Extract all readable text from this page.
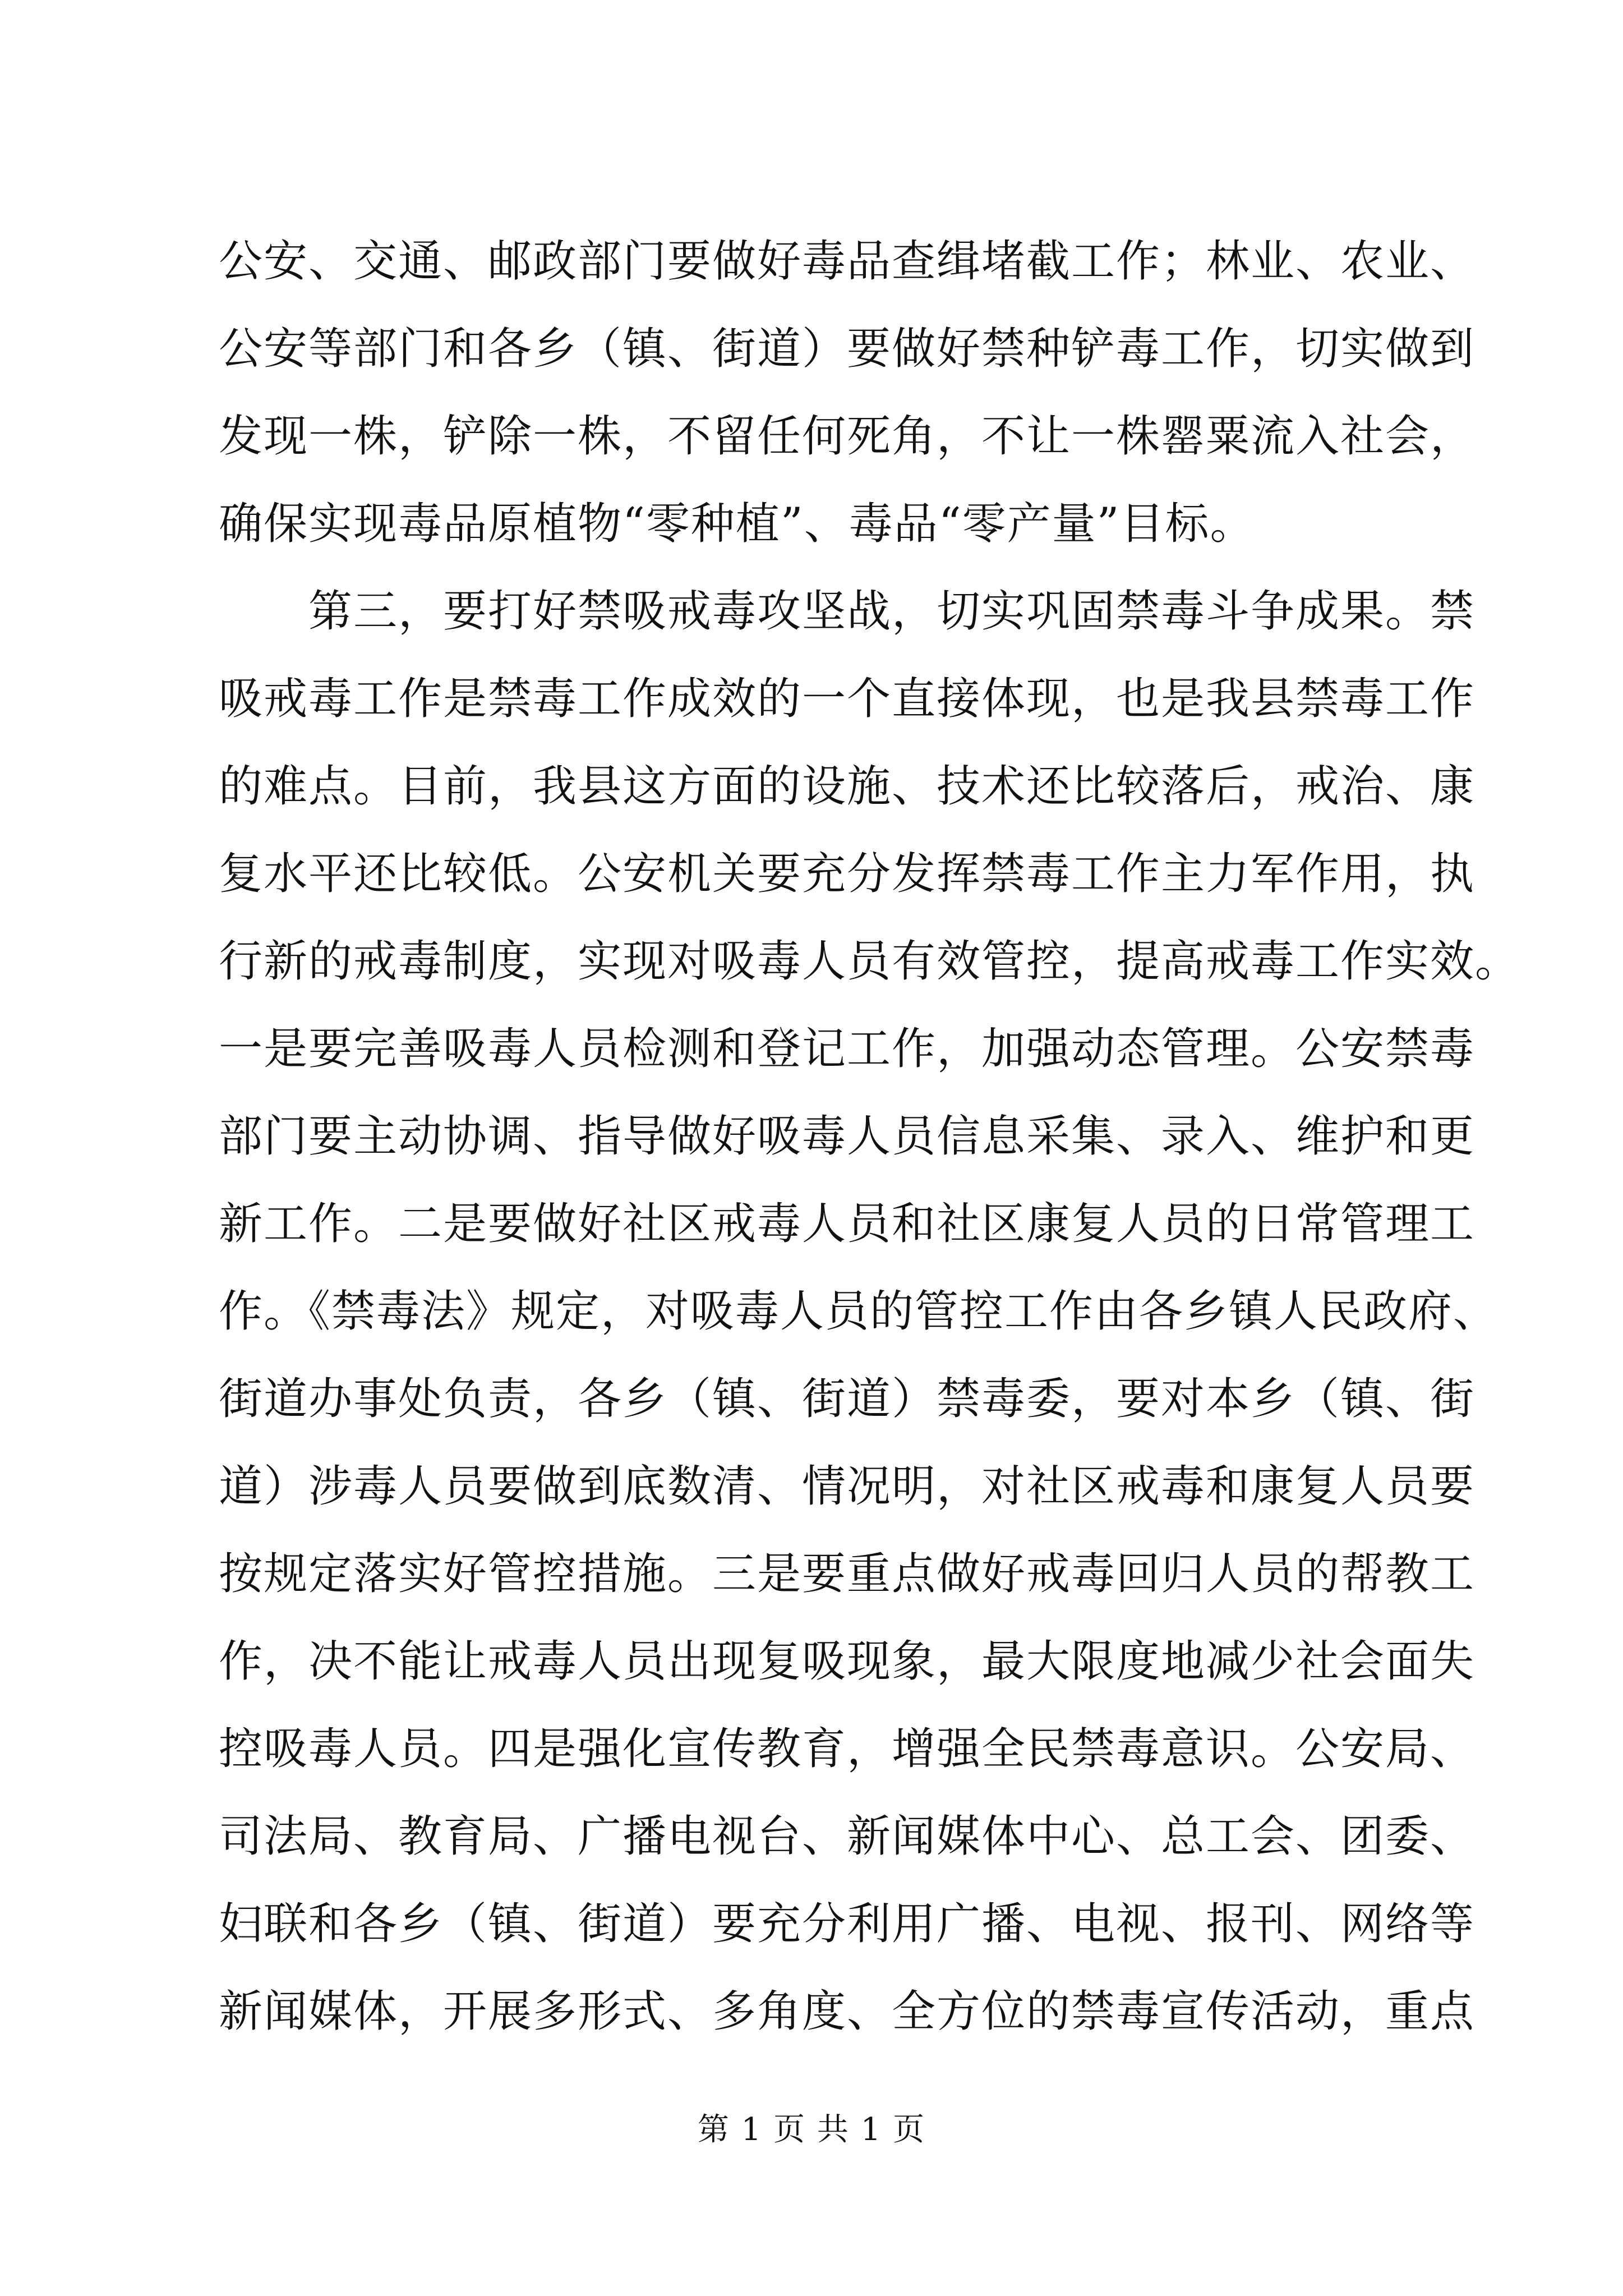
公安、交通、邮政部门要做好毒品查缉堵截工作；林业、农业、
公安等部门和各乡（镇、街道）要做好禁种铲毒工作，切实做到
发现一株，铲除一株，不留任何死角，不让一株罂粟流入社会，
确保实现毒品原植物“零种植”、毒品“零产量”目标。
第三，要打好禁吸戒毒攻坚战，切实巩固禁毒斗争成果。禁
吸戒毒工作是禁毒工作成效的一个直接体现，也是我县禁毒工作
的难点。目前，我县这方面的设施、技术还比较落后，戒治、康
复水平还比较低。公安机关要充分发挥禁毒工作主力军作用，执
行新的戒毒制度，实现对吸毒人员有效管控，提高戒毒工作实效。
一是要完善吸毒人员检测和登记工作，加强动态管理。公安禁毒
部门要主动协调、指导做好吸毒人员信息采集、录入、维护和更
新工作。二是要做好社区戒毒人员和社区康复人员的日常管理工
作。《禁毒法》规定，对吸毒人员的管控工作由各乡镇人民政府、
街道办事处负责，各乡（镇、街道）禁毒委，要对本乡（镇、街
道）涉毒人员要做到底数清、情况明，对社区戒毒和康复人员要
按规定落实好管控措施。三是要重点做好戒毒回归人员的帮教工
作，决不能让戒毒人员出现复吸现象，最大限度地减少社会面失
控吸毒人员。四是强化宣传教育，增强全民禁毒意识。公安局、
司法局、教育局、广播电视台、新闻媒体中心、总工会、团委、
妇联和各乡（镇、街道）要充分利用广播、电视、报刊、网络等
新闻媒体，开展多形式、多角度、全方位的禁毒宣传活动，重点
第 1 页 共 1 页
